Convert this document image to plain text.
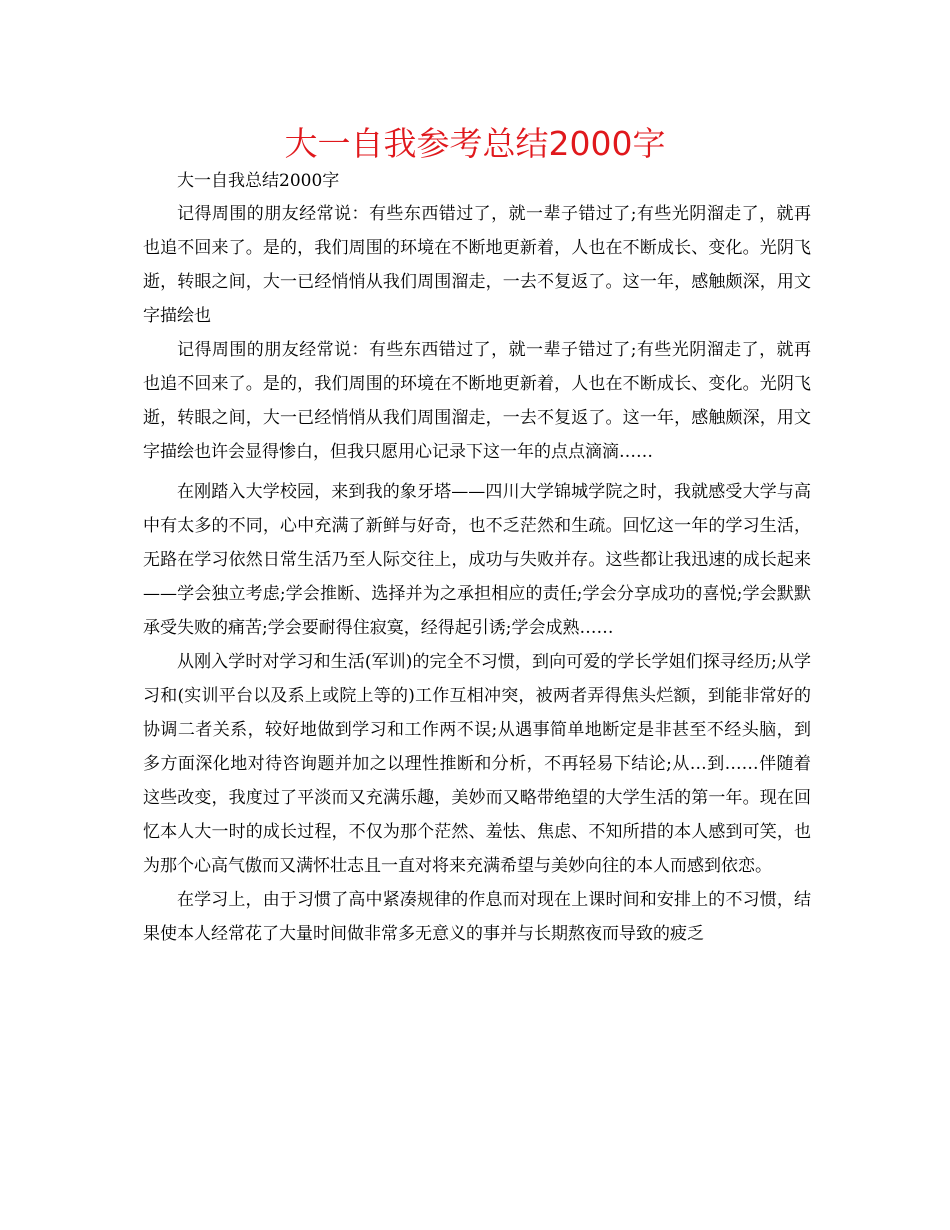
大一自我参考总结2000字

大一自我总结2000字

记得周围的朋友经常说：有些东西错过了，就一辈子错过了;有些光阴溜走了，就再也追不回来了。是的，我们周围的环境在不断地更新着，人也在不断成长、变化。光阴飞逝，转眼之间，大一已经悄悄从我们周围溜走，一去不复返了。这一年，感触颇深，用文字描绘也

记得周围的朋友经常说：有些东西错过了，就一辈子错过了;有些光阴溜走了，就再也追不回来了。是的，我们周围的环境在不断地更新着，人也在不断成长、变化。光阴飞逝，转眼之间，大一已经悄悄从我们周围溜走，一去不复返了。这一年，感触颇深，用文字描绘也许会显得惨白，但我只愿用心记录下这一年的点点滴滴……

在刚踏入大学校园，来到我的象牙塔——四川大学锦城学院之时，我就感受大学与高中有太多的不同，心中充满了新鲜与好奇，也不乏茫然和生疏。回忆这一年的学习生活，无路在学习依然日常生活乃至人际交往上，成功与失败并存。这些都让我迅速的成长起来——学会独立考虑;学会推断、选择并为之承担相应的责任;学会分享成功的喜悦;学会默默承受失败的痛苦;学会要耐得住寂寞，经得起引诱;学会成熟……

从刚入学时对学习和生活(军训)的完全不习惯，到向可爱的学长学姐们探寻经历;从学习和(实训平台以及系上或院上等的)工作互相冲突，被两者弄得焦头烂额，到能非常好的协调二者关系，较好地做到学习和工作两不误;从遇事简单地断定是非甚至不经头脑，到多方面深化地对待咨询题并加之以理性推断和分析，不再轻易下结论;从…到……伴随着这些改变，我度过了平淡而又充满乐趣，美妙而又略带绝望的大学生活的第一年。现在回忆本人大一时的成长过程，不仅为那个茫然、羞怯、焦虑、不知所措的本人感到可笑，也为那个心高气傲而又满怀壮志且一直对将来充满希望与美妙向往的本人而感到依恋。

在学习上，由于习惯了高中紧凑规律的作息而对现在上课时间和安排上的不习惯，结果使本人经常花了大量时间做非常多无意义的事并与长期熬夜而导致的疲乏
